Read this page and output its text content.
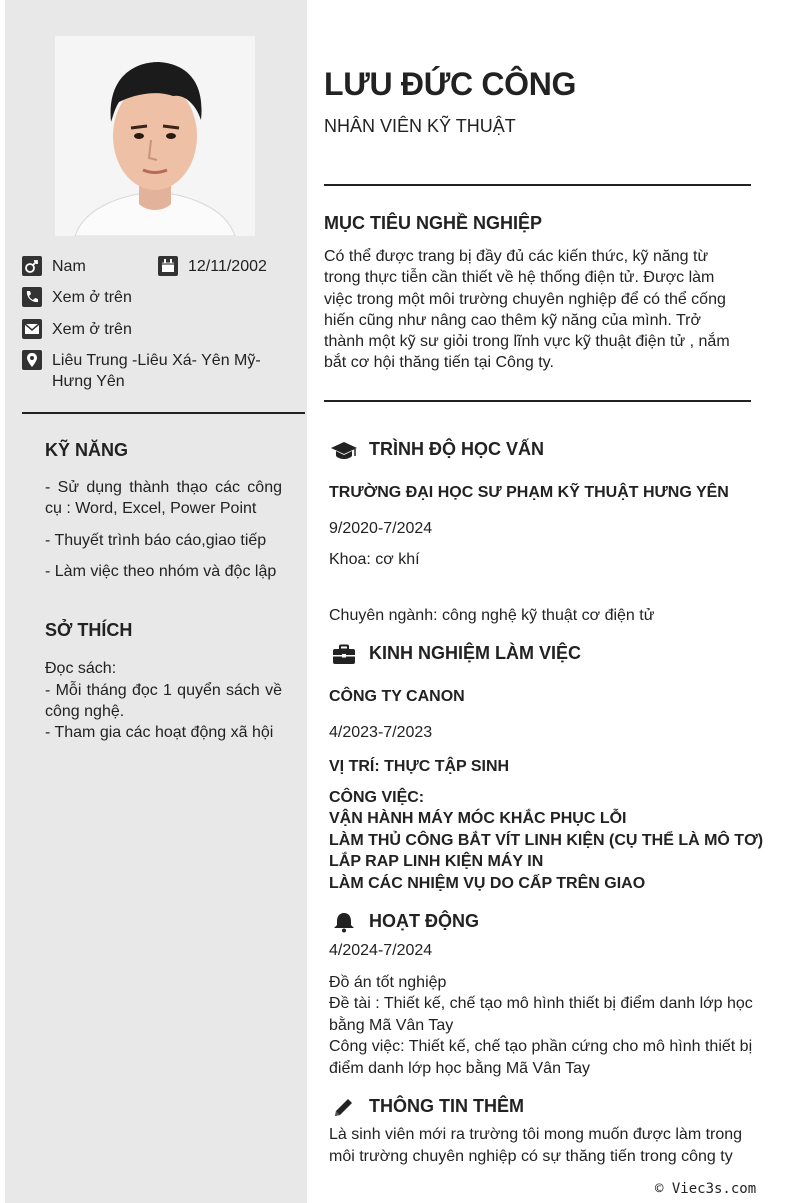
Nam	12/11/2002
Xem ở trên
Xem ở trên
Liêu Trung -Liêu Xá- Yên Mỹ- Hưng Yên
KỸ NĂNG
- Sử dụng thành thạo các công cụ : Word, Excel, Power Point
- Thuyết trình báo cáo,giao tiếp
- Làm việc theo nhóm và độc lập
SỞ THÍCH
Đọc sách:
- Mỗi tháng đọc 1 quyển sách về công nghệ.
- Tham gia các hoạt động xã hội
LƯU ĐỨC CÔNG
NHÂN VIÊN KỸ THUẬT
MỤC TIÊU NGHỀ NGHIỆP
Có thể được trang bị đầy đủ các kiến thức, kỹ năng từ trong thực tiễn cần thiết về hệ thống điện tử. Được làm việc trong một môi trường chuyên nghiệp để có thể cống hiến cũng như nâng cao thêm kỹ năng của mình. Trở thành một kỹ sư giỏi trong lĩnh vực kỹ thuật điện tử , nắm bắt cơ hội thăng tiến tại Công ty.
TRÌNH ĐỘ HỌC VẤN
TRƯỜNG ĐẠI HỌC SƯ PHẠM KỸ THUẬT HƯNG YÊN
9/2020-7/2024
Khoa: cơ khí
Chuyên ngành: công nghệ kỹ thuật cơ điện tử
KINH NGHIỆM LÀM VIỆC
CÔNG TY CANON
4/2023-7/2023
VỊ TRÍ: THỰC TẬP SINH
CÔNG VIỆC:
VẬN HÀNH MÁY MÓC KHẮC PHỤC LỖI
LÀM THỦ CÔNG BẮT VÍT LINH KIỆN (CỤ THỂ LÀ MÔ TƠ)
LẮP RAP LINH KIỆN MÁY IN
LÀM CÁC NHIỆM VỤ DO CẤP TRÊN GIAO
HOẠT ĐỘNG
4/2024-7/2024
Đồ án tốt nghiệp
Đề tài : Thiết kế, chế tạo mô hình thiết bị điểm danh lớp học bằng Mã Vân Tay
Công việc: Thiết kế, chế tạo phần cứng cho mô hình thiết bị điểm danh lớp học bằng Mã Vân Tay
THÔNG TIN THÊM
Là sinh viên mới ra trường tôi mong muốn được làm trong môi trường chuyên nghiệp có sự thăng tiến trong công ty
© Viec3s.com
